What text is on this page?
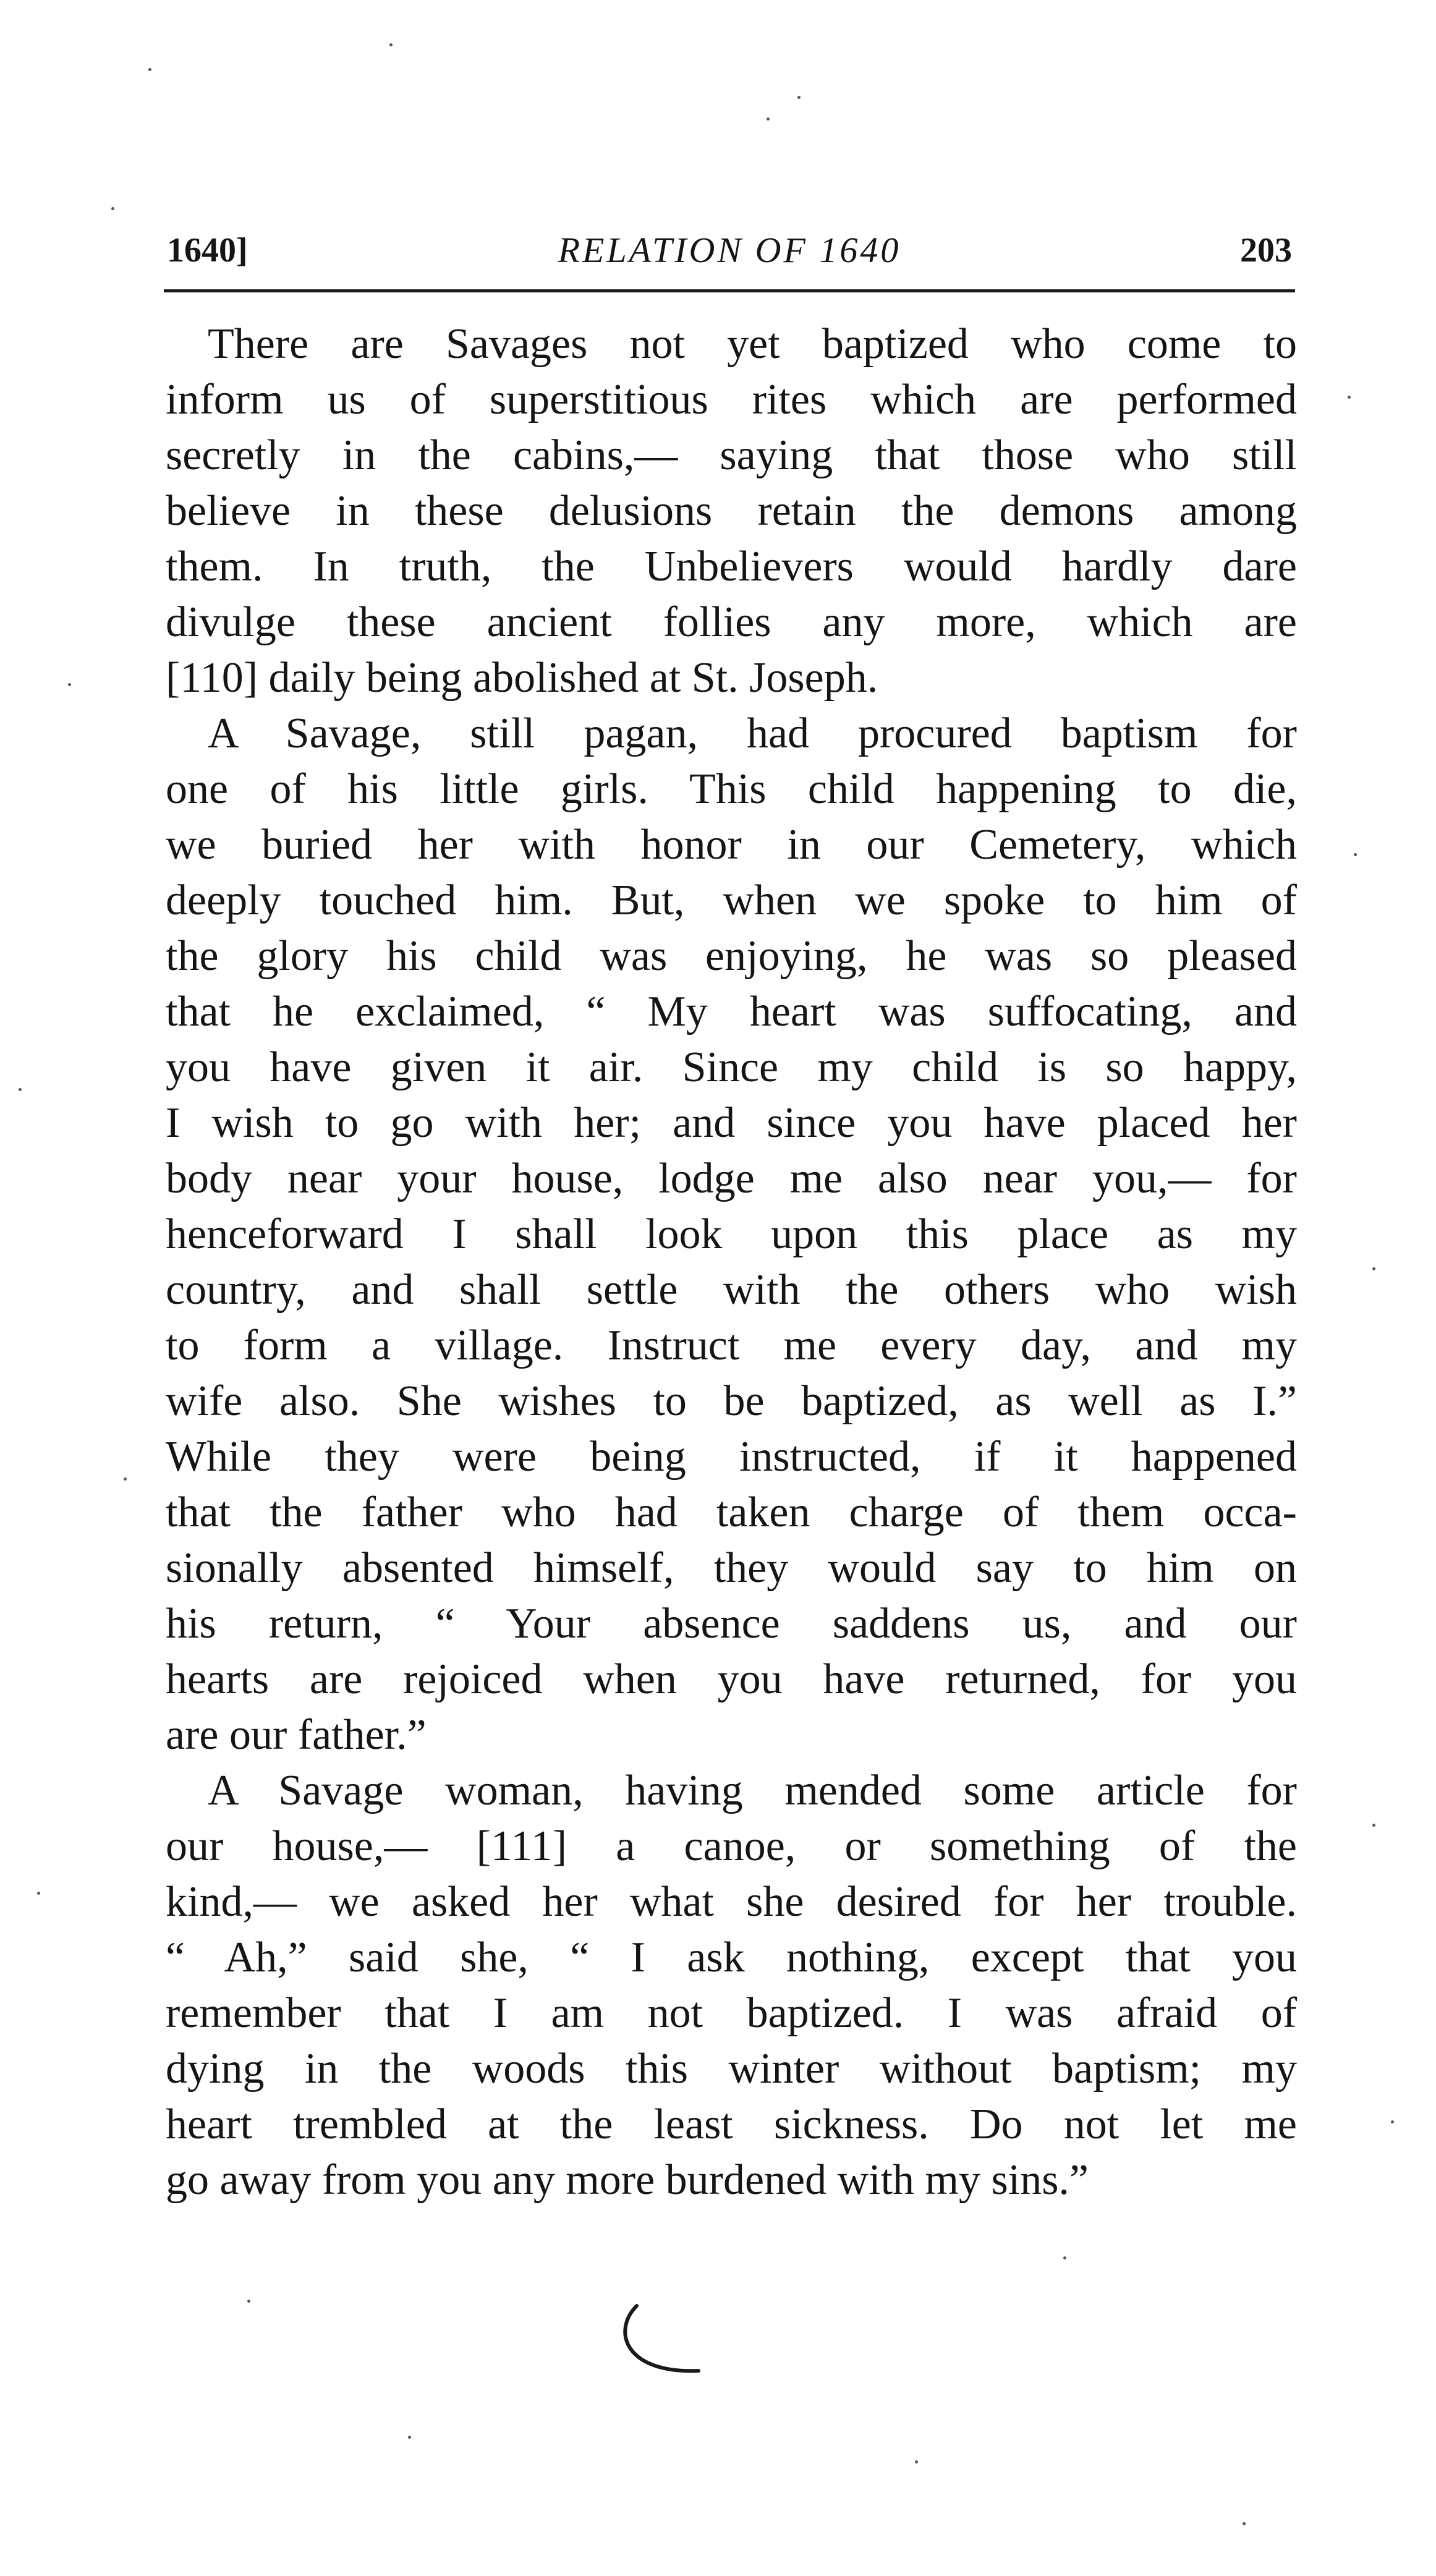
1640]	RELATION OF 1640	203
There are Savages not yet baptized who come to
inform us of superstitious rites which are performed
secretly in the cabins,— saying that those who still
believe in these delusions retain the demons among
them. In truth, the Unbelievers would hardly dare
divulge these ancient follies any more, which are
[110] daily being abolished at St. Joseph.
A Savage, still pagan, had procured baptism for
one of his little girls. This child happening to die,
we buried her with honor in our Cemetery, which
deeply touched him. But, when we spoke to him of
the glory his child was enjoying, he was so pleased
that he exclaimed, “ My heart was suffocating, and
you have given it air. Since my child is so happy,
I wish to go with her; and since you have placed her
body near your house, lodge me also near you,— for
henceforward I shall look upon this place as my
country, and shall settle with the others who wish
to form a village. Instruct me every day, and my
wife also. She wishes to be baptized, as well as I.”
While they were being instructed, if it happened
that the father who had taken charge of them occa-
sionally absented himself, they would say to him on
his return, “ Your absence saddens us, and our
hearts are rejoiced when you have returned, for you
are our father.”
A Savage woman, having mended some article for
our house,— [111] a canoe, or something of the
kind,— we asked her what she desired for her trouble.
“ Ah,” said she, “ I ask nothing, except that you
remember that I am not baptized. I was afraid of
dying in the woods this winter without baptism; my
heart trembled at the least sickness. Do not let me
go away from you any more burdened with my sins.”
